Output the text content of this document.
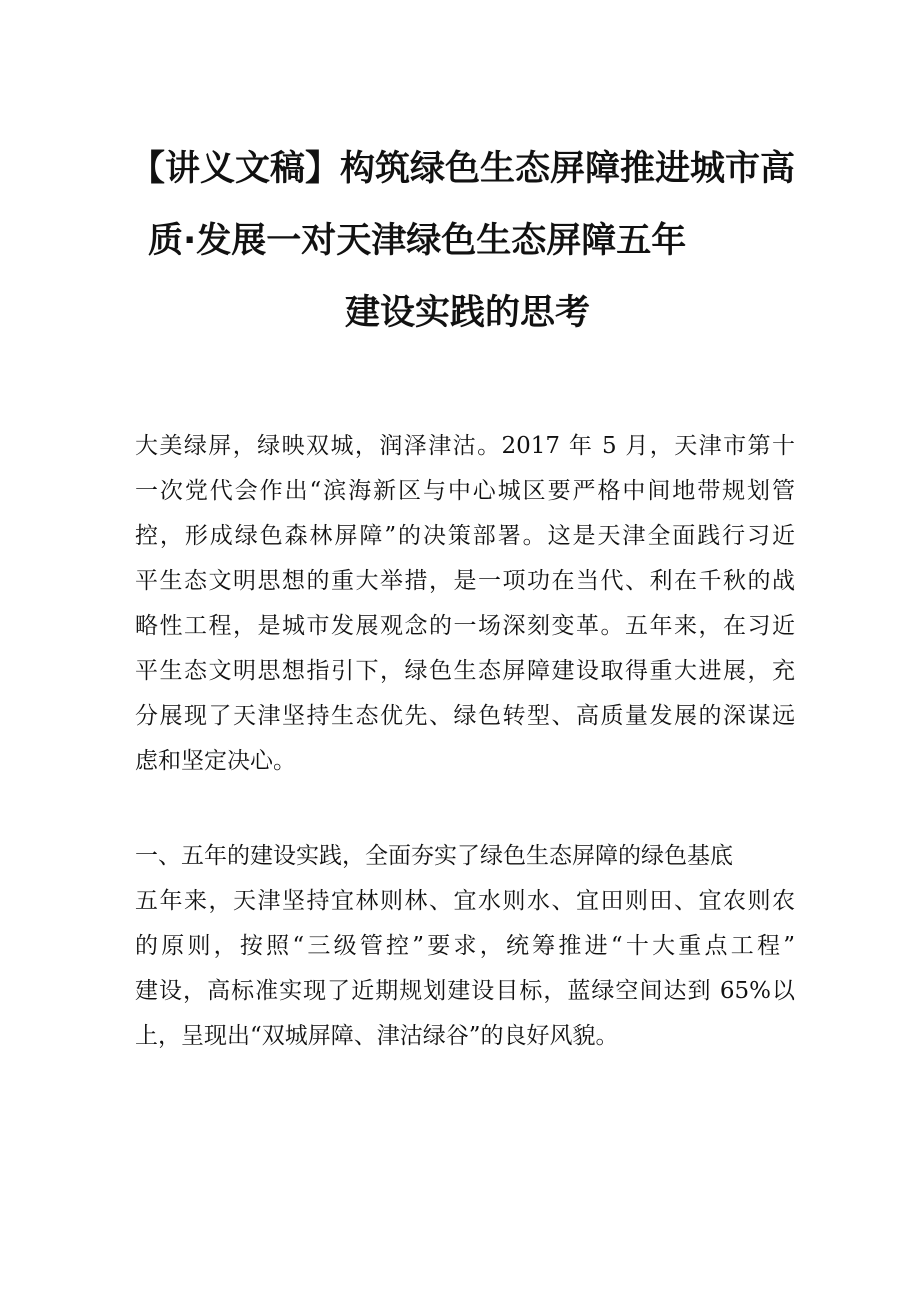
【讲义文稿】构筑绿色生态屏障推进城市高
质·发展一对天津绿色生态屏障五年
建设实践的思考
大美绿屏，绿映双城，润泽津沽。2017 年 5 月，天津市第十
一次党代会作出“滨海新区与中心城区要严格中间地带规划管
控，形成绿色森林屏障”的决策部署。这是天津全面践行习近
平生态文明思想的重大举措，是一项功在当代、利在千秋的战
略性工程，是城市发展观念的一场深刻变革。五年来，在习近
平生态文明思想指引下，绿色生态屏障建设取得重大进展，充
分展现了天津坚持生态优先、绿色转型、高质量发展的深谋远
虑和坚定决心。
一、五年的建设实践，全面夯实了绿色生态屏障的绿色基底
五年来，天津坚持宜林则林、宜水则水、宜田则田、宜农则农
的原则，按照“三级管控”要求，统筹推进“十大重点工程”
建设，高标准实现了近期规划建设目标，蓝绿空间达到 65%以
上，呈现出“双城屏障、津沽绿谷”的良好风貌。
